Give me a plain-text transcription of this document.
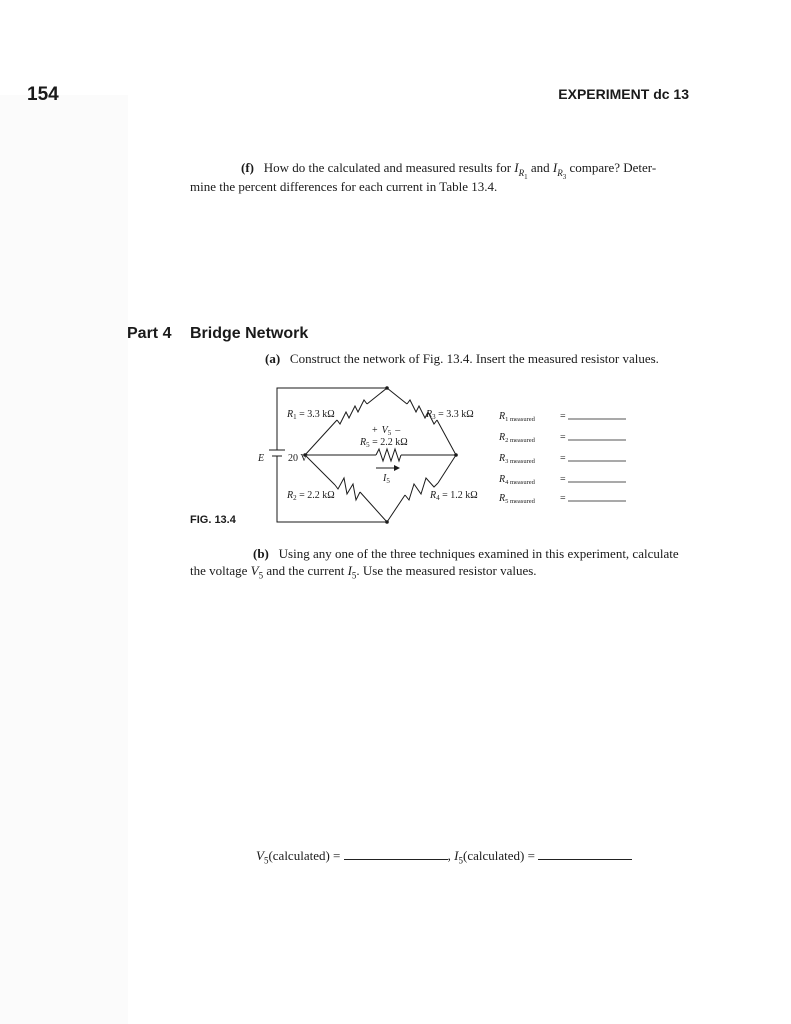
154	EXPERIMENT dc 13
(f) How do the calculated and measured results for $I_{R_1}$ and $I_{R_3}$ compare? Deter-
mine the percent differences for each current in Table 13.4.
Part 4 Bridge Network
(a) Construct the network of Fig. 13.4. Insert the measured resistor values.
$R_1 = 3.3$ kΩ	$R_3 = 3.3$ kΩ
+ $V_5$ –
$R_5 = 2.2$ kΩ
E 20 V
$I_5$
$R_2 = 2.2$ kΩ	$R_4 = 1.2$ kΩ
$R_{1 measured}$	=
$R_{2 measured}$	=
$R_{3 measured}$	=
$R_{4 measured}$	=
$R_{5 measured}$	=
FIG. 13.4
(b) Using any one of the three techniques examined in this experiment, calculate
the voltage $V_5$ and the current $I_5$. Use the measured resistor values.
$V_5(calculated)$ =	, $I_5(calculated)$ =
